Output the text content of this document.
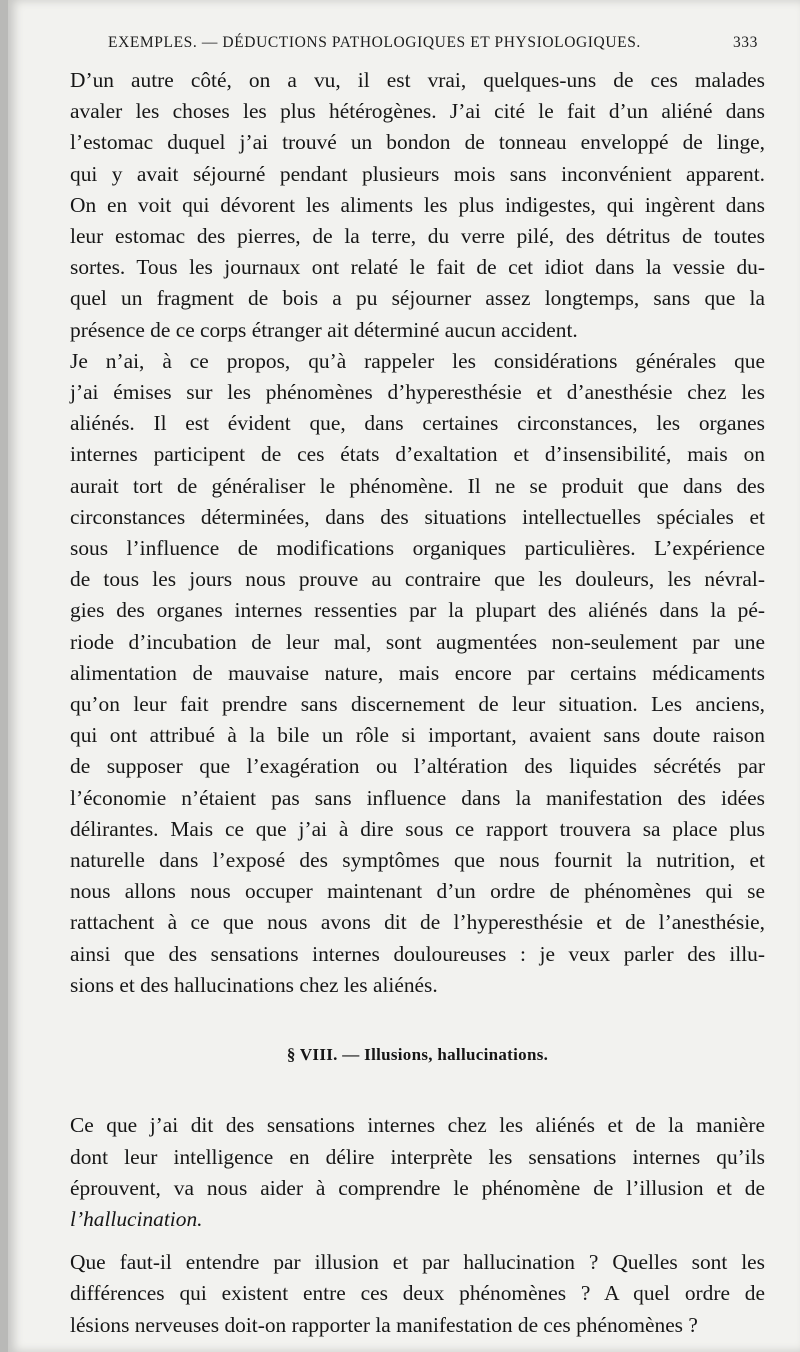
EXEMPLES. — DÉDUCTIONS PATHOLOGIQUES ET PHYSIOLOGIQUES.	333
D’un autre côté, on a vu, il est vrai, quelques-uns de ces malades
avaler les choses les plus hétérogènes. J’ai cité le fait d’un aliéné dans
l’estomac duquel j’ai trouvé un bondon de tonneau enveloppé de linge,
qui y avait séjourné pendant plusieurs mois sans inconvénient apparent.
On en voit qui dévorent les aliments les plus indigestes, qui ingèrent dans
leur estomac des pierres, de la terre, du verre pilé, des détritus de toutes
sortes. Tous les journaux ont relaté le fait de cet idiot dans la vessie du-
quel un fragment de bois a pu séjourner assez longtemps, sans que la
présence de ce corps étranger ait déterminé aucun accident.
Je n’ai, à ce propos, qu’à rappeler les considérations générales que
j’ai émises sur les phénomènes d’hyperesthésie et d’anesthésie chez les
aliénés. Il est évident que, dans certaines circonstances, les organes
internes participent de ces états d’exaltation et d’insensibilité, mais on
aurait tort de généraliser le phénomène. Il ne se produit que dans des
circonstances déterminées, dans des situations intellectuelles spéciales et
sous l’influence de modifications organiques particulières. L’expérience
de tous les jours nous prouve au contraire que les douleurs, les névral-
gies des organes internes ressenties par la plupart des aliénés dans la pé-
riode d’incubation de leur mal, sont augmentées non-seulement par une
alimentation de mauvaise nature, mais encore par certains médicaments
qu’on leur fait prendre sans discernement de leur situation. Les anciens,
qui ont attribué à la bile un rôle si important, avaient sans doute raison
de supposer que l’exagération ou l’altération des liquides sécrétés par
l’économie n’étaient pas sans influence dans la manifestation des idées
délirantes. Mais ce que j’ai à dire sous ce rapport trouvera sa place plus
naturelle dans l’exposé des symptômes que nous fournit la nutrition, et
nous allons nous occuper maintenant d’un ordre de phénomènes qui se
rattachent à ce que nous avons dit de l’hyperesthésie et de l’anesthésie,
ainsi que des sensations internes douloureuses : je veux parler des illu-
sions et des hallucinations chez les aliénés.
§ VIII. — Illusions, hallucinations.
Ce que j’ai dit des sensations internes chez les aliénés et de la manière
dont leur intelligence en délire interprète les sensations internes qu’ils
éprouvent, va nous aider à comprendre le phénomène de l’illusion et de
l’hallucination.
Que faut-il entendre par illusion et par hallucination ? Quelles sont les
différences qui existent entre ces deux phénomènes ? A quel ordre de
lésions nerveuses doit-on rapporter la manifestation de ces phénomènes ?
